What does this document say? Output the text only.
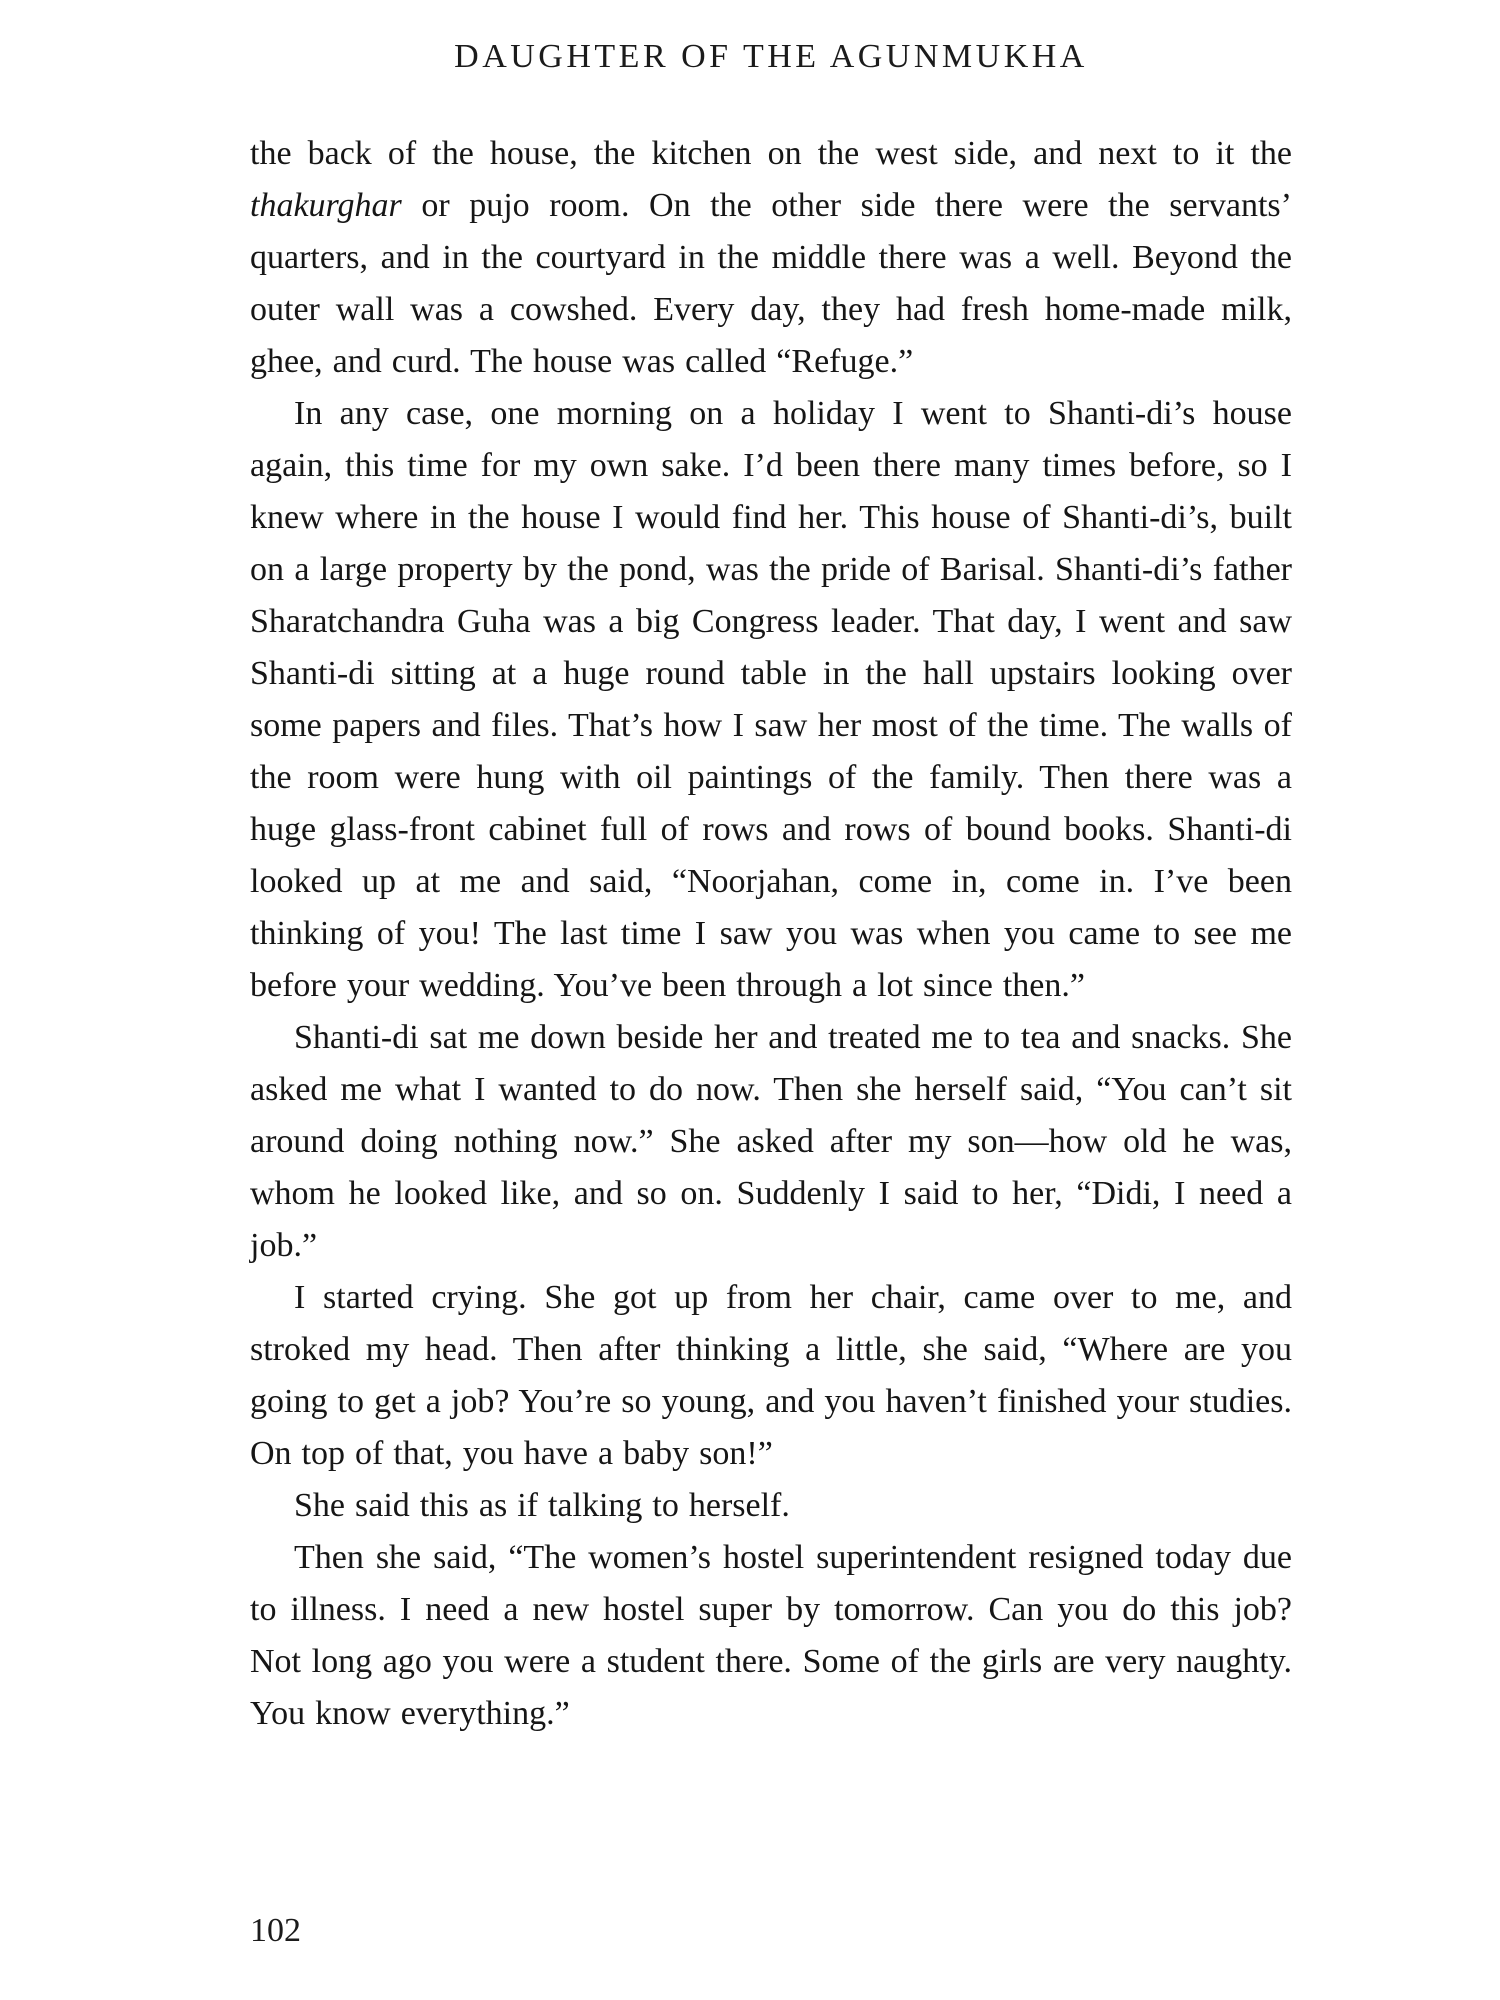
DAUGHTER OF THE AGUNMUKHA

the back of the house, the kitchen on the west side, and next to it the thakurghar or pujo room. On the other side there were the servants’ quarters, and in the courtyard in the middle there was a well. Beyond the outer wall was a cowshed. Every day, they had fresh home-made milk, ghee, and curd. The house was called “Refuge.”

In any case, one morning on a holiday I went to Shanti-di’s house again, this time for my own sake. I’d been there many times before, so I knew where in the house I would find her. This house of Shanti-di’s, built on a large property by the pond, was the pride of Barisal. Shanti-di’s father Sharatchandra Guha was a big Congress leader. That day, I went and saw Shanti-di sitting at a huge round table in the hall upstairs looking over some papers and files. That’s how I saw her most of the time. The walls of the room were hung with oil paintings of the family. Then there was a huge glass-front cabinet full of rows and rows of bound books. Shanti-di looked up at me and said, “Noorjahan, come in, come in. I’ve been thinking of you! The last time I saw you was when you came to see me before your wedding. You’ve been through a lot since then.”

Shanti-di sat me down beside her and treated me to tea and snacks. She asked me what I wanted to do now. Then she herself said, “You can’t sit around doing nothing now.” She asked after my son—how old he was, whom he looked like, and so on. Suddenly I said to her, “Didi, I need a job.”

I started crying. She got up from her chair, came over to me, and stroked my head. Then after thinking a little, she said, “Where are you going to get a job? You’re so young, and you haven’t finished your studies. On top of that, you have a baby son!”

She said this as if talking to herself.

Then she said, “The women’s hostel superintendent resigned today due to illness. I need a new hostel super by tomorrow. Can you do this job? Not long ago you were a student there. Some of the girls are very naughty. You know everything.”

102
